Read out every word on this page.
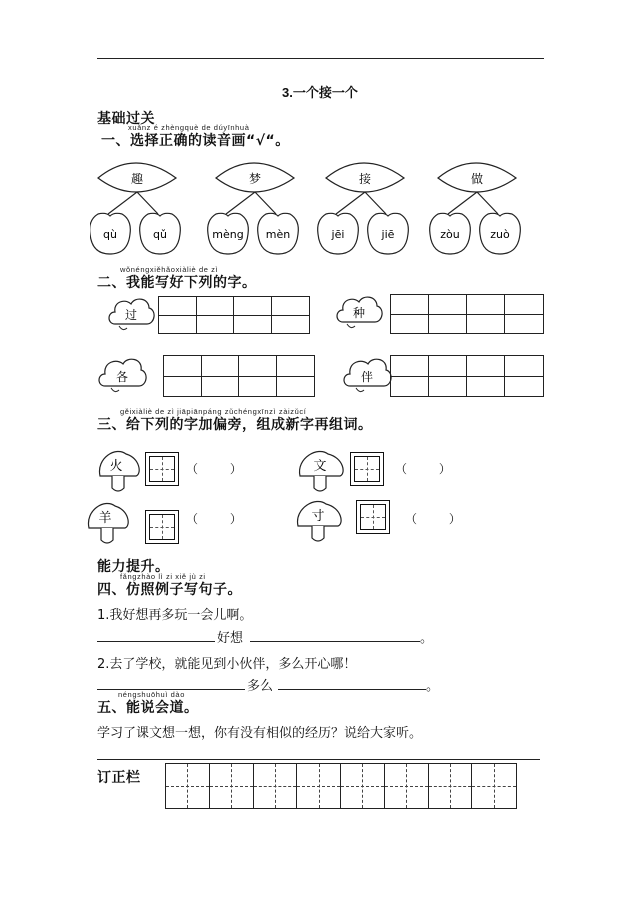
3.一个接一个
基础过关
xuǎnz é zhèngquè de dúyīnhuà
一、选择正确的读音画“√“。
趣
qù	qǔ
梦
mèng mèn
接
jēi	jiē
做
zòu	zuò
wǒnéngxiěhǎoxiàliè de zì
二、我能写好下列的字。
过	种
各	伴
gěixiàliè de zì jiāpiānpáng zǔchéngxīnzì zàizǔcí
三、给下列的字加偏旁，组成新字再组词。
火	（ ）	文	（ ）
羊	（ ）	寸	（ ）
能力提升。
fǎngzhào lì zi xiě jù zi
四、仿照例子写句子。
1.我好想再多玩一会儿啊。
好想	。
2.去了学校，就能见到小伙伴，多么开心哪！
多么	。
néngshuōhuì dào
五、能说会道。
学习了课文想一想，你有没有相似的经历？说给大家听。
订正栏
